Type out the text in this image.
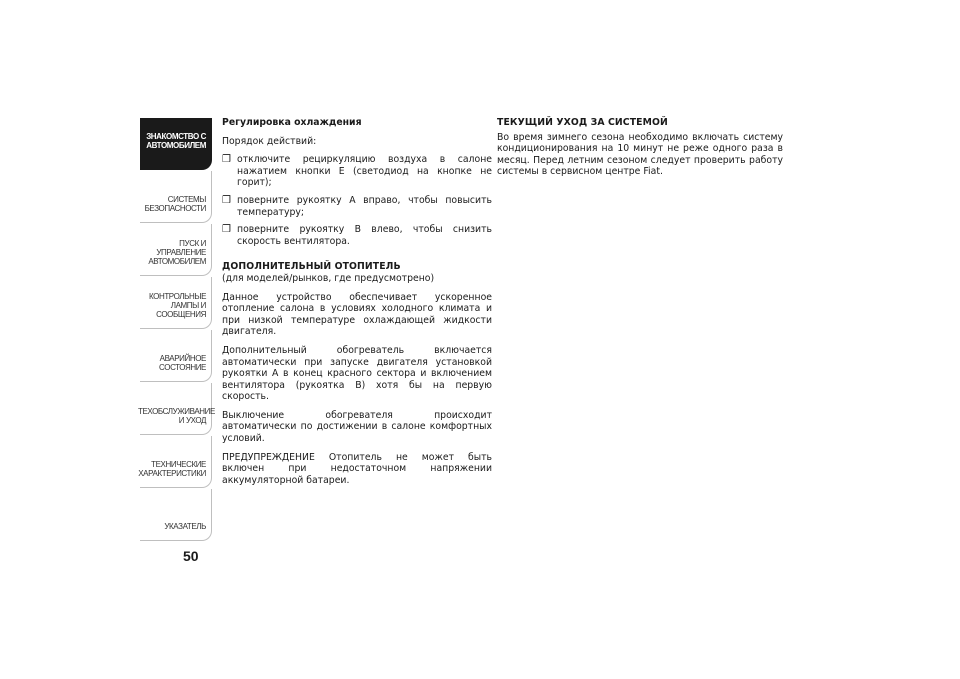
ЗНАКОМСТВО С
АВТОМОБИЛЕМ
СИСТЕМЫ
БЕЗОПАСНОСТИ
ПУСК И УПРАВЛЕНИЕ
АВТОМОБИЛЕМ
КОНТРОЛЬНЫЕ
ЛАМПЫ И
СООБЩЕНИЯ
АВАРИЙНОЕ
СОСТОЯНИЕ
ТЕХОБСЛУЖИВАНИЕ
И УХОД
ТЕХНИЧЕСКИЕ
ХАРАКТЕРИСТИКИ
УКАЗАТЕЛЬ
50

Регулировка охлаждения

Порядок действий:

❒ отключите рециркуляцию воздуха в салоне нажатием кнопки E (светодиод на кнопке не горит);
❒ поверните рукоятку A вправо, чтобы повысить температуру;
❒ поверните рукоятку B влево, чтобы снизить скорость вентилятора.

ДОПОЛНИТЕЛЬНЫЙ ОТОПИТЕЛЬ

(для моделей/рынков, где предусмотрено)

Данное устройство обеспечивает ускоренное отопление салона в условиях холодного климата и при низкой температуре охлаждающей жидкости двигателя.

Дополнительный обогреватель включается автоматически при запуске двигателя установкой рукоятки A в конец красного сектора и включением вентилятора (рукоятка B) хотя бы на первую скорость.

Выключение обогревателя происходит автоматически по достижении в салоне комфортных условий.

ПРЕДУПРЕЖДЕНИЕ Отопитель не может быть включен при недостаточном напряжении аккумуляторной батареи.

ТЕКУЩИЙ УХОД ЗА СИСТЕМОЙ

Во время зимнего сезона необходимо включать систему кондиционирования на 10 минут не реже одного раза в месяц. Перед летним сезоном следует проверить работу системы в сервисном центре Fiat.
